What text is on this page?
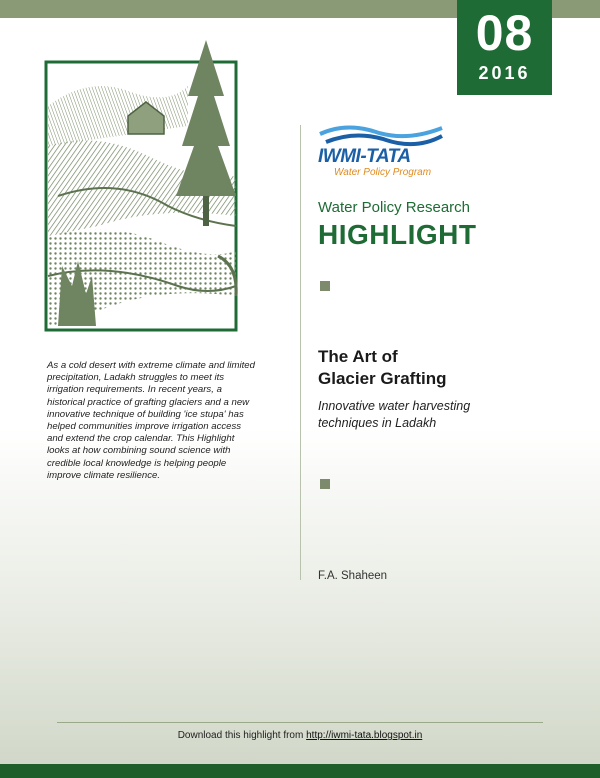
08
2016
IWMI-TATA
Water Policy Program
Water Policy Research
HIGHLIGHT
The Art of
Glacier Grafting
Innovative water harvesting techniques in Ladakh
F.A. Shaheen
As a cold desert with extreme climate and limited precipitation, Ladakh struggles to meet its irrigation requirements. In recent years, a historical practice of grafting glaciers and a new innovative technique of building 'ice stupa' has helped communities improve irrigation access and extend the crop calendar. This Highlight looks at how combining sound science with credible local knowledge is helping people improve climate resilience.
Download this highlight from http://iwmi-tata.blogspot.in
